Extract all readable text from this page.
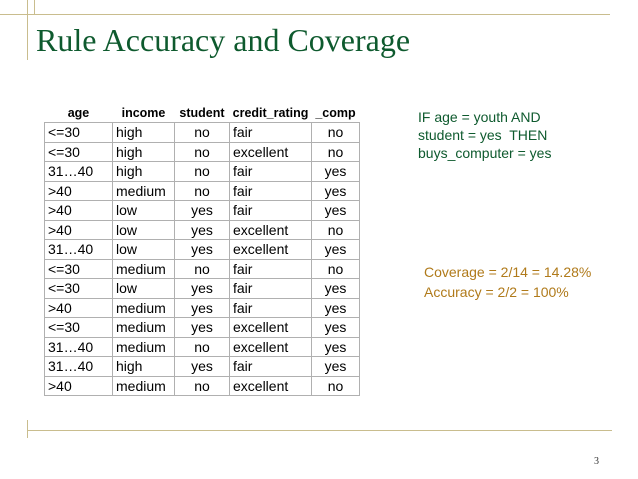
Rule Accuracy and Coverage
age	income	student	credit_rating	_comp
<=30	high	no	fair	no
<=30	high	no	excellent	no
31…40	high	no	fair	yes
>40	medium	no	fair	yes
>40	low	yes	fair	yes
>40	low	yes	excellent	no
31…40	low	yes	excellent	yes
<=30	medium	no	fair	no
<=30	low	yes	fair	yes
>40	medium	yes	fair	yes
<=30	medium	yes	excellent	yes
31…40	medium	no	excellent	yes
31…40	high	yes	fair	yes
>40	medium	no	excellent	no
IF age = youth AND
student = yes  THEN
buys_computer = yes
Coverage = 2/14 = 14.28%
Accuracy = 2/2 = 100%
3
